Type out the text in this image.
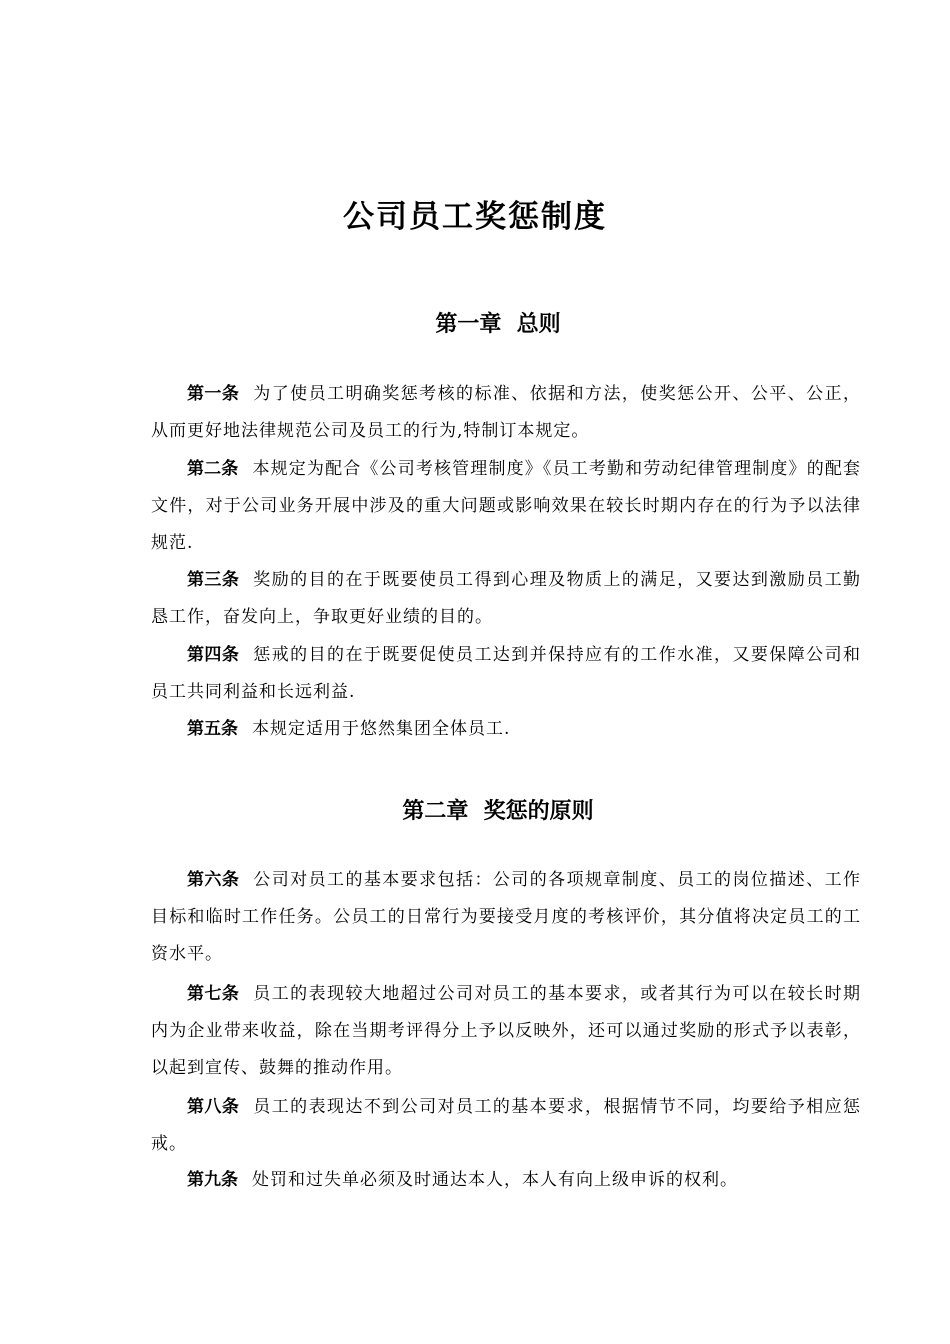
公司员工奖惩制度
第一章  总则

第一条 为了使员工明确奖惩考核的标准、依据和方法，使奖惩公开、公平、公正，从而更好地法律规范公司及员工的行为,特制订本规定。

第二条 本规定为配合《公司考核管理制度》《员工考勤和劳动纪律管理制度》的配套文件，对于公司业务开展中涉及的重大问题或影响效果在较长时期内存在的行为予以法律规范.

第三条 奖励的目的在于既要使员工得到心理及物质上的满足，又要达到激励员工勤恳工作，奋发向上，争取更好业绩的目的。

第四条 惩戒的目的在于既要促使员工达到并保持应有的工作水准，又要保障公司和员工共同利益和长远利益.

第五条 本规定适用于悠然集团全体员工.

第二章  奖惩的原则

第六条 公司对员工的基本要求包括：公司的各项规章制度、员工的岗位描述、工作目标和临时工作任务。公员工的日常行为要接受月度的考核评价，其分值将决定员工的工资水平。

第七条 员工的表现较大地超过公司对员工的基本要求，或者其行为可以在较长时期内为企业带来收益，除在当期考评得分上予以反映外，还可以通过奖励的形式予以表彰，以起到宣传、鼓舞的推动作用。

第八条 员工的表现达不到公司对员工的基本要求，根据情节不同，均要给予相应惩戒。

第九条 处罚和过失单必须及时通达本人，本人有向上级申诉的权利。
